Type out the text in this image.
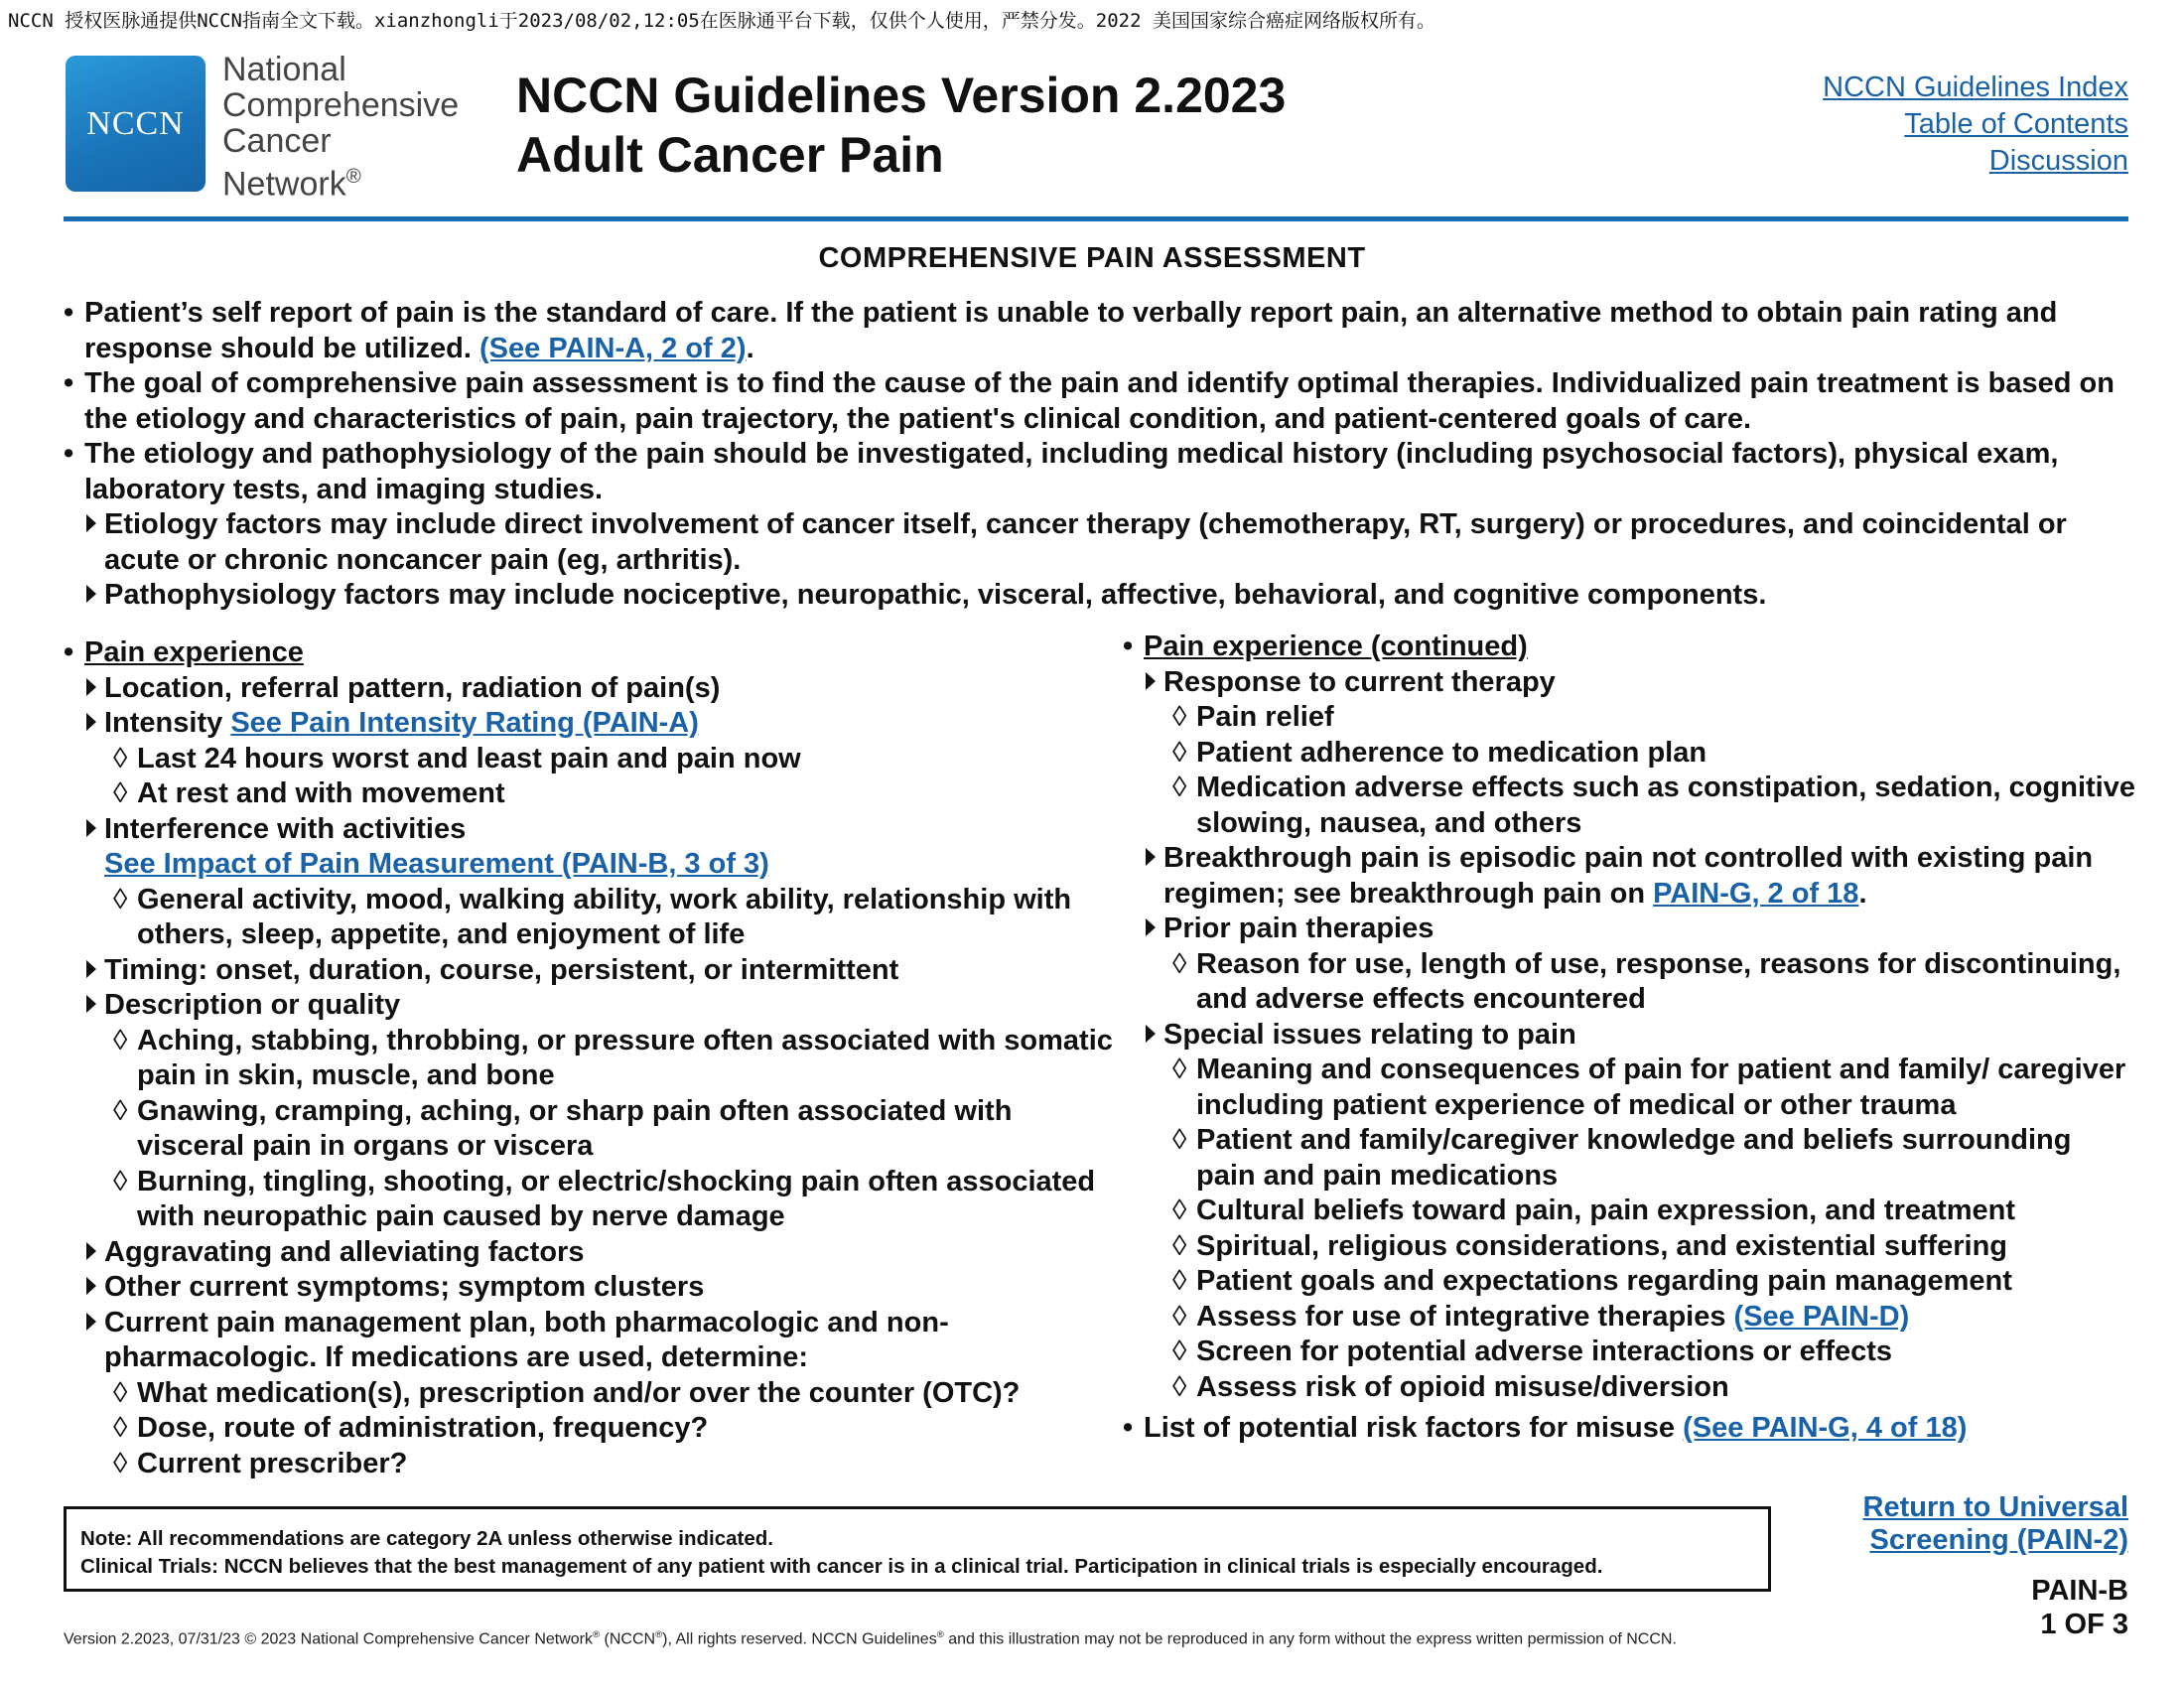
NCCN 授权医脉通提供NCCN指南全文下载。xianzhongli于2023/08/02,12:05在医脉通平台下载，仅供个人使用，严禁分发。2022 美国国家综合癌症网络版权所有。
NCCN
National
Comprehensive
Cancer
Network®
NCCN Guidelines Version 2.2023
Adult Cancer Pain
NCCN Guidelines Index
Table of Contents
Discussion
COMPREHENSIVE PAIN ASSESSMENT
• Patient’s self report of pain is the standard of care. If the patient is unable to verbally report pain, an alternative method to obtain pain rating and response should be utilized. (See PAIN-A, 2 of 2).
• The goal of comprehensive pain assessment is to find the cause of the pain and identify optimal therapies. Individualized pain treatment is based on the etiology and characteristics of pain, pain trajectory, the patient's clinical condition, and patient-centered goals of care.
• The etiology and pathophysiology of the pain should be investigated, including medical history (including psychosocial factors), physical exam, laboratory tests, and imaging studies.
Etiology factors may include direct involvement of cancer itself, cancer therapy (chemotherapy, RT, surgery) or procedures, and coincidental or acute or chronic noncancer pain (eg, arthritis).
Pathophysiology factors may include nociceptive, neuropathic, visceral, affective, behavioral, and cognitive components.
• Pain experience
Location, referral pattern, radiation of pain(s)
Intensity See Pain Intensity Rating (PAIN-A)
◊ Last 24 hours worst and least pain and pain now
◊ At rest and with movement
Interference with activities
See Impact of Pain Measurement (PAIN-B, 3 of 3)
◊ General activity, mood, walking ability, work ability, relationship with others, sleep, appetite, and enjoyment of life
Timing: onset, duration, course, persistent, or intermittent
Description or quality
◊ Aching, stabbing, throbbing, or pressure often associated with somatic pain in skin, muscle, and bone
◊ Gnawing, cramping, aching, or sharp pain often associated with visceral pain in organs or viscera
◊ Burning, tingling, shooting, or electric/shocking pain often associated with neuropathic pain caused by nerve damage
Aggravating and alleviating factors
Other current symptoms; symptom clusters
Current pain management plan, both pharmacologic and non-pharmacologic. If medications are used, determine:
◊ What medication(s), prescription and/or over the counter (OTC)?
◊ Dose, route of administration, frequency?
◊ Current prescriber?
• Pain experience (continued)
Response to current therapy
◊ Pain relief
◊ Patient adherence to medication plan
◊ Medication adverse effects such as constipation, sedation, cognitive slowing, nausea, and others
Breakthrough pain is episodic pain not controlled with existing pain regimen; see breakthrough pain on PAIN-G, 2 of 18.
Prior pain therapies
◊ Reason for use, length of use, response, reasons for discontinuing, and adverse effects encountered
Special issues relating to pain
◊ Meaning and consequences of pain for patient and family/ caregiver including patient experience of medical or other trauma
◊ Patient and family/caregiver knowledge and beliefs surrounding pain and pain medications
◊ Cultural beliefs toward pain, pain expression, and treatment
◊ Spiritual, religious considerations, and existential suffering
◊ Patient goals and expectations regarding pain management
◊ Assess for use of integrative therapies (See PAIN-D)
◊ Screen for potential adverse interactions or effects
◊ Assess risk of opioid misuse/diversion
• List of potential risk factors for misuse (See PAIN-G, 4 of 18)
Note: All recommendations are category 2A unless otherwise indicated.
Clinical Trials: NCCN believes that the best management of any patient with cancer is in a clinical trial. Participation in clinical trials is especially encouraged.
Return to Universal
Screening (PAIN-2)
PAIN-B
1 OF 3
Version 2.2023, 07/31/23 © 2023 National Comprehensive Cancer Network® (NCCN®), All rights reserved. NCCN Guidelines® and this illustration may not be reproduced in any form without the express written permission of NCCN.
